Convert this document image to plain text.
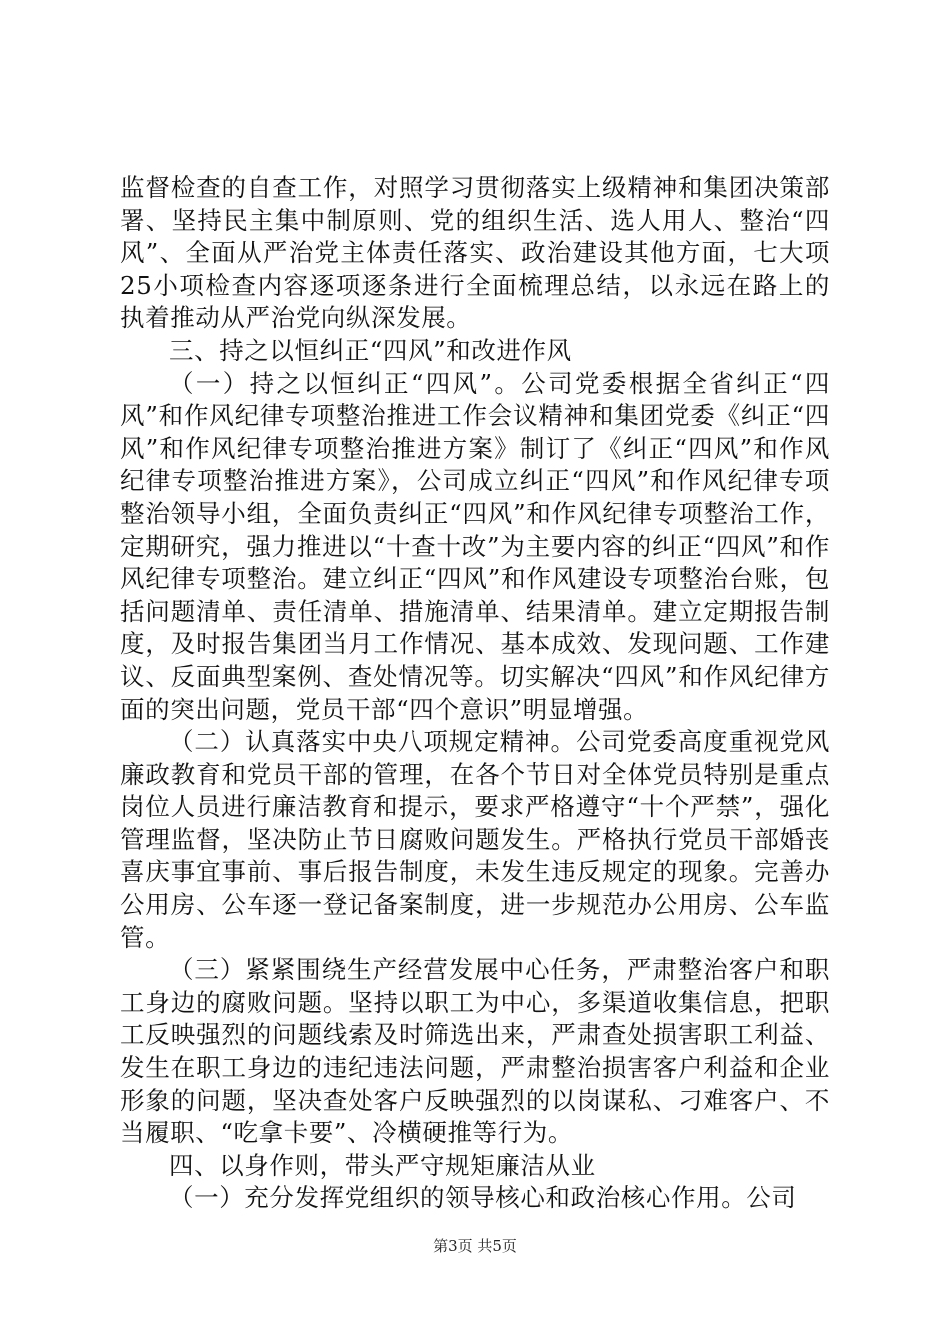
监督检查的自查工作，对照学习贯彻落实上级精神和集团决策部署、坚持民主集中制原则、党的组织生活、选人用人、整治“四风”、全面从严治党主体责任落实、政治建设其他方面，七大项25小项检查内容逐项逐条进行全面梳理总结，以永远在路上的执着推动从严治党向纵深发展。

三、持之以恒纠正“四风”和改进作风

（一）持之以恒纠正“四风”。公司党委根据全省纠正“四风”和作风纪律专项整治推进工作会议精神和集团党委《纠正“四风”和作风纪律专项整治推进方案》制订了《纠正“四风”和作风纪律专项整治推进方案》，公司成立纠正“四风”和作风纪律专项整治领导小组，全面负责纠正“四风”和作风纪律专项整治工作，定期研究，强力推进以“十查十改”为主要内容的纠正“四风”和作风纪律专项整治。建立纠正“四风”和作风建设专项整治台账，包括问题清单、责任清单、措施清单、结果清单。建立定期报告制度，及时报告集团当月工作情况、基本成效、发现问题、工作建议、反面典型案例、查处情况等。切实解决“四风”和作风纪律方面的突出问题，党员干部“四个意识”明显增强。

（二）认真落实中央八项规定精神。公司党委高度重视党风廉政教育和党员干部的管理，在各个节日对全体党员特别是重点岗位人员进行廉洁教育和提示，要求严格遵守“十个严禁”，强化管理监督，坚决防止节日腐败问题发生。严格执行党员干部婚丧喜庆事宜事前、事后报告制度，未发生违反规定的现象。完善办公用房、公车逐一登记备案制度，进一步规范办公用房、公车监管。

（三）紧紧围绕生产经营发展中心任务，严肃整治客户和职工身边的腐败问题。坚持以职工为中心，多渠道收集信息，把职工反映强烈的问题线索及时筛选出来，严肃查处损害职工利益、发生在职工身边的违纪违法问题，严肃整治损害客户利益和企业形象的问题，坚决查处客户反映强烈的以岗谋私、刁难客户、不当履职、“吃拿卡要”、冷横硬推等行为。

四、以身作则，带头严守规矩廉洁从业

（一）充分发挥党组织的领导核心和政治核心作用。公司

第3页 共5页
